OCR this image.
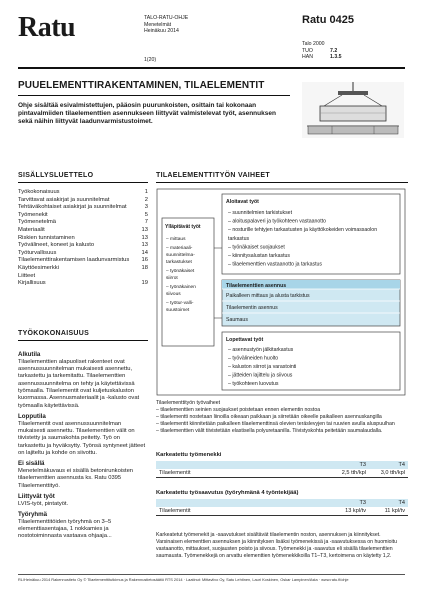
Ratu	TALO-RATU-OHJE
Menetelmät
Heinäkuu 2014
1(20)
Ratu 0425
Talo 2000
TUO	7.2
HAN	1.3.5
PUUELEMENTTIRAKENTAMINEN, TILAELEMENTIT
Ohje sisältää esivalmistettujen, pääosin puurunkoisten, osittain tai kokonaan pintavalmiiden tilaelementtien asennukseen liittyvät valmistelevat työt, asennuksen sekä näihin liittyvät laadunvarmistustoimet.
SISÄLLYSLUETTELO
Työkokonaisuus	1
Tarvittavat asiakirjat ja suunnitelmat	2
Tehtäväkohtaiset asiakirjat ja suunnitelmat	3
Työmenekit	5
Työmenetelmä	7
Materiaalit	13
Riskien tunnistaminen	13
Työvälineet, koneet ja kalusto	13
Työturvallisuus	14
Tilaelementtirakentamisen laadunvarmistus 16
Käyttöesimerkki	18
Liitteet
Kirjallisuus	19
TYÖKOKONAISUUS
Alkutila

Tilaelementtien alapuoliset rakenteet ovat asennussuunnitelman mukaisesti asennettu, tarkastettu ja tarkemitattu. Tilaelementtien asennussuunnitelma on tehty ja käytettävissä työmaalla. Tilaelementit ovat kuljetuskaluston kuormassa. Asennusmateriaalit ja -kalusto ovat työmaalla käytettävissä.

Lopputila

Tilaelementit ovat asennussuunnitelman mukaisesti asennettu. Tilaelementtien välit on tiivistetty ja saumakohta peitetty. Työ on tarkastettu ja hyväksytty. Työnsä syntyneet jätteet on lajiteltu ja kohde on siivottu.

Ei sisällä

Menetelmäkuvaus ei sisällä betonirunkoisten tilaelementtien asennusta ks. Ratu 0395 Tilaelementtityö.

Liittyvät työt

LVIS-työt, pintatyöt.

Työryhmä

Tilaelementtitöiden työryhmä on 3–5 elementtiasentajaa, 1 nokkamies ja nostotoiminnasta vastaava ohjaaja...

TILAELEMENTTITYÖN VAIHEET
Ylläpitävät työt
– mittaus
– materiaali-
suunnittelma-
tarkastukset
– työnäkaiset
siirrot
– työnäkainen
siivous
– työtur-valli-
suustoimet
Aloitavat työt
– suunnitelmien tarkistukset
– aloituspalaveri ja työkohteen vastaanotto
– nosturille tehtyjen tarkastusten ja käyttökokeiden voimassaolon
tarkastus
– työnäkaiset suojaukset
– kiinnitysalustan tarkastus
– tilaelementtien vastaanotto ja tarkastus
Tilaelementtien asennus
Paikalleen mittaus ja alusta tarkistus
Tilaelementin asennus
Saumaus
Lopettavat työt
– asennustyön jälkitarkastus
– työvälineiden huolto
– kaluston siirrot ja varastointi
– jätteiden lajittelu ja siivous
– työkohteen luovutus
Tilaelementtityön työvaiheet
– tilaelementtien seinien suojaukset poistetaan ennen elementin nostoa
– tilaelementti nostetaan liinoilla oikeaan paikkaan ja siirretään oikeelle paikalleen asennuskangilla
– tilaelementit kiinnitetään paikalleen tilaelementtinsä olevien teräslevyjen tai ruuvien avulla aluspuulhan
– tilaelementtien välit tiivistetään elastisella polyuretaanilla. Tiivistyskohta peitetään saumalaudalla.
Karkeatettu työmenekki
T3	T4
Tilaelementit	2,5 tth/kpl	3,0 tth/kpl
Karkeatettu työsaavutus (työryhmänä 4 työntekijää)
T3	T4
Tilaelementit	13 kpl/tv	11 kpl/tv
Karkeatetut työmenekit ja -saavutukset sisältävät tilaelementin noston, asennuksen ja kiinnitykset. Varsinaisen elementtien asennuksen ja kiinnityksen lisäksi työmenekissä ja -saavutuksessa on huomioitu vastaanotto, mittaukset, suojausten poisto ja siivous. Työmenekki ja -saavutus eli sisällä tilaelementtien saumausta. Työmenekkejä on arvattu elementtien työmenekkikoilla T1–T3, kertoimena on käytetty 1,2.
RL/Heinäkuu 2014 Rakennustieto Oy © Tilaelementtitutkimus ja Rakennustietosäätiö RTS 2014 · Laatinut: Mittaviivo Oy, Satu Lehtinen, Lauri Koskinen, Oskar Lampinen/Asta · www.ratu.fi/ohje
